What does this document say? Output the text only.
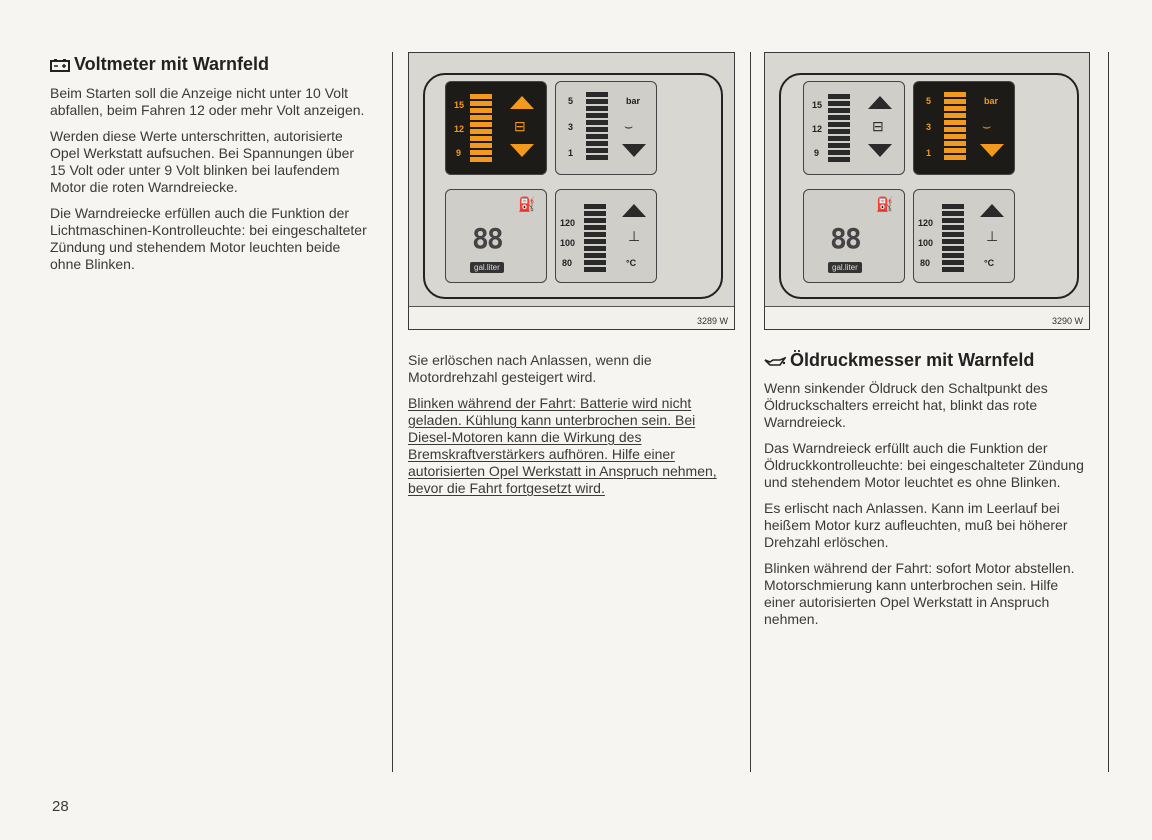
Voltmeter mit Warnfeld

Beim Starten soll die Anzeige nicht unter 10 Volt abfallen, beim Fahren 12 oder mehr Volt anzeigen.

Werden diese Werte unterschritten, autorisierte Opel Werkstatt aufsuchen. Bei Spannungen über 15 Volt oder unter 9 Volt blinken bei laufendem Motor die roten Warndreiecke.

Die Warndreiecke erfüllen auch die Funktion der Lichtmaschinen-Kontrolleuchte: bei eingeschalteter Zündung und stehendem Motor leuchten beide ohne Blinken.

28
15
12
9
⊟
5
3
1
bar
⌣
⛽
88
gal.liter
120
100
80
⊥
°C
3289 W
15
12
9
⊟
5
3
1
bar
⌣
⛽
88
gal.liter
120
100
80
⊥
°C
3290 W

Sie erlöschen nach Anlassen, wenn die Motordrehzahl gesteigert wird.

Blinken während der Fahrt: Batterie wird nicht geladen. Kühlung kann unterbrochen sein. Bei Diesel-Motoren kann die Wirkung des Bremskraftverstärkers aufhören. Hilfe einer autorisierten Opel Werkstatt in Anspruch nehmen, bevor die Fahrt fortgesetzt wird.

Öldruckmesser mit Warnfeld

Wenn sinkender Öldruck den Schaltpunkt des Öldruckschalters erreicht hat, blinkt das rote Warndreieck.

Das Warndreieck erfüllt auch die Funktion der Öldruckkontrolleuchte: bei eingeschalteter Zündung und stehendem Motor leuchtet es ohne Blinken.

Es erlischt nach Anlassen. Kann im Leerlauf bei heißem Motor kurz aufleuchten, muß bei höherer Drehzahl erlöschen.

Blinken während der Fahrt: sofort Motor abstellen. Motorschmierung kann unterbrochen sein. Hilfe einer autorisierten Opel Werkstatt in Anspruch nehmen.
